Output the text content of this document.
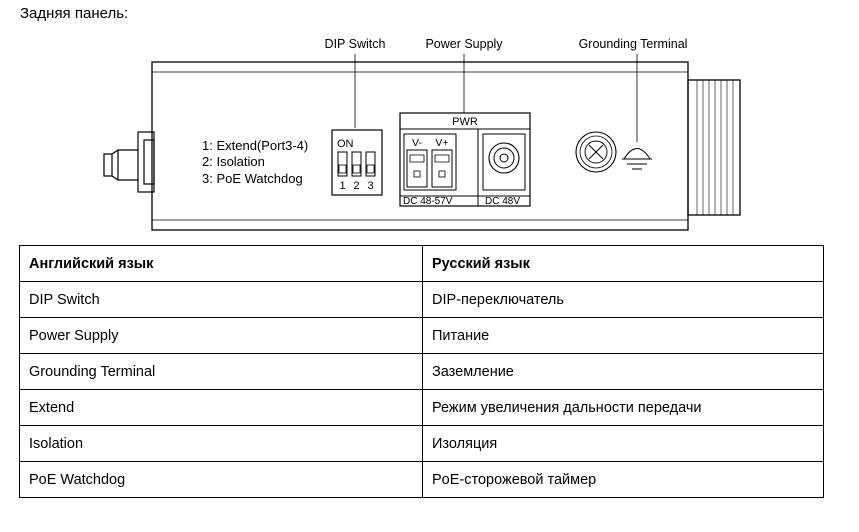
Задняя панель:
DIP Switch	Power Supply	Grounding Terminal
1: Extend(Port3-4)
2: Isolation
3: PoE Watchdog
ON
1 2 3
PWR
V- V+
DC 48-57V	DC 48V
Английский язык	Русский язык
DIP Switch	DIP-переключатель
Power Supply	Питание
Grounding Terminal	Заземление
Extend	Режим увеличения дальности передачи
Isolation	Изоляция
PoE Watchdog	PoE-сторожевой таймер
